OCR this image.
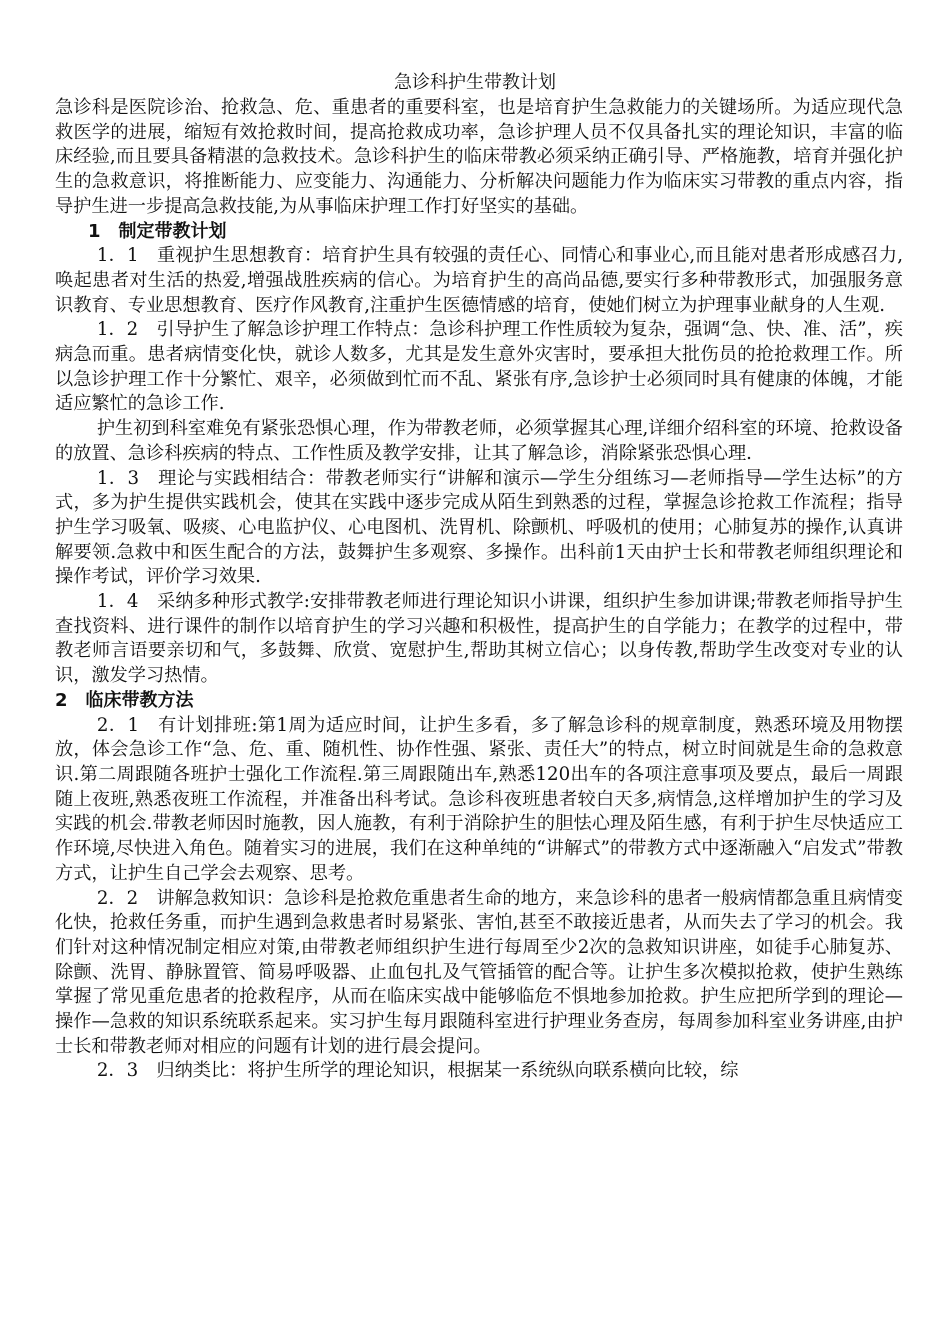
急诊科护生带教计划

急诊科是医院诊治、抢救急、危、重患者的重要科室，也是培育护生急救能力的关键场所。为适应现代急救医学的进展，缩短有效抢救时间，提高抢救成功率，急诊护理人员不仅具备扎实的理论知识，丰富的临床经验,而且要具备精湛的急救技术。急诊科护生的临床带教必须采纳正确引导、严格施教，培育并强化护生的急救意识，将推断能力、应变能力、沟通能力、分析解决问题能力作为临床实习带教的重点内容，指导护生进一步提高急救技能,为从事临床护理工作打好坚实的基础。

1　制定带教计划

1．1　重视护生思想教育：培育护生具有较强的责任心、同情心和事业心,而且能对患者形成感召力,唤起患者对生活的热爱,增强战胜疾病的信心。为培育护生的高尚品德,要实行多种带教形式，加强服务意识教育、专业思想教育、医疗作风教育,注重护生医德情感的培育，使她们树立为护理事业献身的人生观.

1．2　引导护生了解急诊护理工作特点：急诊科护理工作性质较为复杂，强调“急、快、准、活”，疾病急而重。患者病情变化快，就诊人数多，尤其是发生意外灾害时，要承担大批伤员的抢抢救理工作。所以急诊护理工作十分繁忙、艰辛，必须做到忙而不乱、紧张有序,急诊护士必须同时具有健康的体魄，才能适应繁忙的急诊工作.

护生初到科室难免有紧张恐惧心理，作为带教老师，必须掌握其心理,详细介绍科室的环境、抢救设备的放置、急诊科疾病的特点、工作性质及教学安排，让其了解急诊，消除紧张恐惧心理.

1．3　理论与实践相结合：带教老师实行“讲解和演示—学生分组练习—老师指导—学生达标”的方式，多为护生提供实践机会，使其在实践中逐步完成从陌生到熟悉的过程，掌握急诊抢救工作流程；指导护生学习吸氧、吸痰、心电监护仪、心电图机、洗胃机、除颤机、呼吸机的使用；心肺复苏的操作,认真讲解要领.急救中和医生配合的方法，鼓舞护生多观察、多操作。出科前1天由护士长和带教老师组织理论和操作考试，评价学习效果.

1．4　采纳多种形式教学:安排带教老师进行理论知识小讲课，组织护生参加讲课;带教老师指导护生查找资料、进行课件的制作以培育护生的学习兴趣和积极性，提高护生的自学能力；在教学的过程中，带教老师言语要亲切和气，多鼓舞、欣赏、宽慰护生,帮助其树立信心；以身传教,帮助学生改变对专业的认识，激发学习热情。

2　临床带教方法

2．1　有计划排班:第1周为适应时间，让护生多看，多了解急诊科的规章制度，熟悉环境及用物摆放，体会急诊工作“急、危、重、随机性、协作性强、紧张、责任大”的特点，树立时间就是生命的急救意识.第二周跟随各班护士强化工作流程.第三周跟随出车,熟悉120出车的各项注意事项及要点，最后一周跟随上夜班,熟悉夜班工作流程，并准备出科考试。急诊科夜班患者较白天多,病情急,这样增加护生的学习及实践的机会.带教老师因时施教，因人施教，有利于消除护生的胆怯心理及陌生感，有利于护生尽快适应工作环境,尽快进入角色。随着实习的进展，我们在这种单纯的“讲解式”的带教方式中逐渐融入“启发式”带教方式，让护生自己学会去观察、思考。

2．2　讲解急救知识：急诊科是抢救危重患者生命的地方，来急诊科的患者一般病情都急重且病情变化快，抢救任务重，而护生遇到急救患者时易紧张、害怕,甚至不敢接近患者，从而失去了学习的机会。我们针对这种情况制定相应对策,由带教老师组织护生进行每周至少2次的急救知识讲座，如徒手心肺复苏、除颤、洗胃、静脉置管、简易呼吸器、止血包扎及气管插管的配合等。让护生多次模拟抢救，使护生熟练掌握了常见重危患者的抢救程序，从而在临床实战中能够临危不惧地参加抢救。护生应把所学到的理论—操作—急救的知识系统联系起来。实习护生每月跟随科室进行护理业务查房，每周参加科室业务讲座,由护士长和带教老师对相应的问题有计划的进行晨会提问。

2．3　归纳类比：将护生所学的理论知识，根据某一系统纵向联系横向比较，综
